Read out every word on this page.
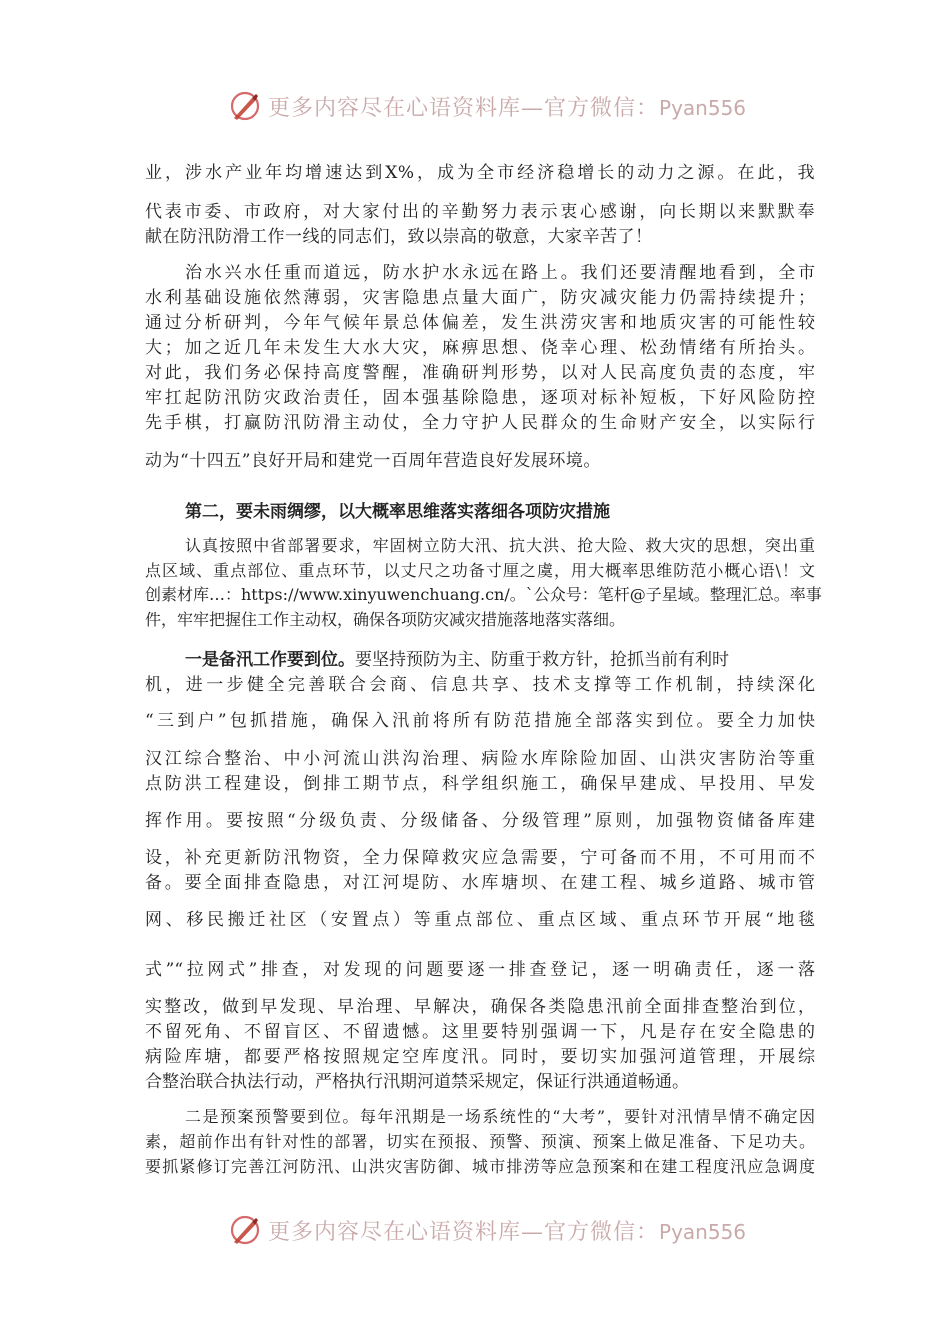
更多内容尽在心语资料库—官方微信：Pyan556
业，涉水产业年均增速达到X%，成为全市经济稳增长的动力之源。在此，我
代表市委、市政府，对大家付出的辛勤努力表示衷心感谢，向长期以来默默奉
献在防汛防滑工作一线的同志们，致以崇高的敬意，大家辛苦了！
治水兴水任重而道远，防水护水永远在路上。我们还要清醒地看到，全市
水利基础设施依然薄弱，灾害隐患点量大面广，防灾减灾能力仍需持续提升；
通过分析研判，今年气候年景总体偏差，发生洪涝灾害和地质灾害的可能性较
大；加之近几年未发生大水大灾，麻痹思想、侥幸心理、松劲情绪有所抬头。
对此，我们务必保持高度警醒，准确研判形势，以对人民高度负责的态度，牢
牢扛起防汛防灾政治责任，固本强基除隐患，逐项对标补短板，下好风险防控
先手棋，打赢防汛防滑主动仗，全力守护人民群众的生命财产安全，以实际行
动为“十四五”良好开局和建党一百周年营造良好发展环境。
第二，要未雨绸缪，以大概率思维落实落细各项防灾措施
认真按照中省部署要求，牢固树立防大汛、抗大洪、抢大险、救大灾的思想，突出重
点区域、重点部位、重点环节，以丈尺之功备寸厘之虞，用大概率思维防范小概心语\！文
创素材库…：https://www.xinyuwenchuang.cn/。`公众号：笔杆@子星域。整理汇总。率事
件，牢牢把握住工作主动权，确保各项防灾减灾措施落地落实落细。
一是备汛工作要到位。要坚持预防为主、防重于救方针，抢抓当前有利时
机，进一步健全完善联合会商、信息共享、技术支撑等工作机制，持续深化
“三到户”包抓措施，确保入汛前将所有防范措施全部落实到位。要全力加快
汉江综合整治、中小河流山洪沟治理、病险水库除险加固、山洪灾害防治等重
点防洪工程建设，倒排工期节点，科学组织施工，确保早建成、早投用、早发
挥作用。要按照“分级负责、分级储备、分级管理”原则，加强物资储备库建
设，补充更新防汛物资，全力保障救灾应急需要，宁可备而不用，不可用而不
备。要全面排查隐患，对江河堤防、水库塘坝、在建工程、城乡道路、城市管
网、移民搬迁社区（安置点）等重点部位、重点区域、重点环节开展“地毯
式”“拉网式”排查，对发现的问题要逐一排查登记，逐一明确责任，逐一落
实整改，做到早发现、早治理、早解决，确保各类隐患汛前全面排查整治到位，
不留死角、不留盲区、不留遗憾。这里要特别强调一下，凡是存在安全隐患的
病险库塘，都要严格按照规定空库度汛。同时，要切实加强河道管理，开展综
合整治联合执法行动，严格执行汛期河道禁采规定，保证行洪通道畅通。
二是预案预警要到位。每年汛期是一场系统性的“大考”，要针对汛情旱情不确定因
素，超前作出有针对性的部署，切实在预报、预警、预演、预案上做足准备、下足功夫。
要抓紧修订完善江河防汛、山洪灾害防御、城市排涝等应急预案和在建工程度汛应急调度
更多内容尽在心语资料库—官方微信：Pyan556
